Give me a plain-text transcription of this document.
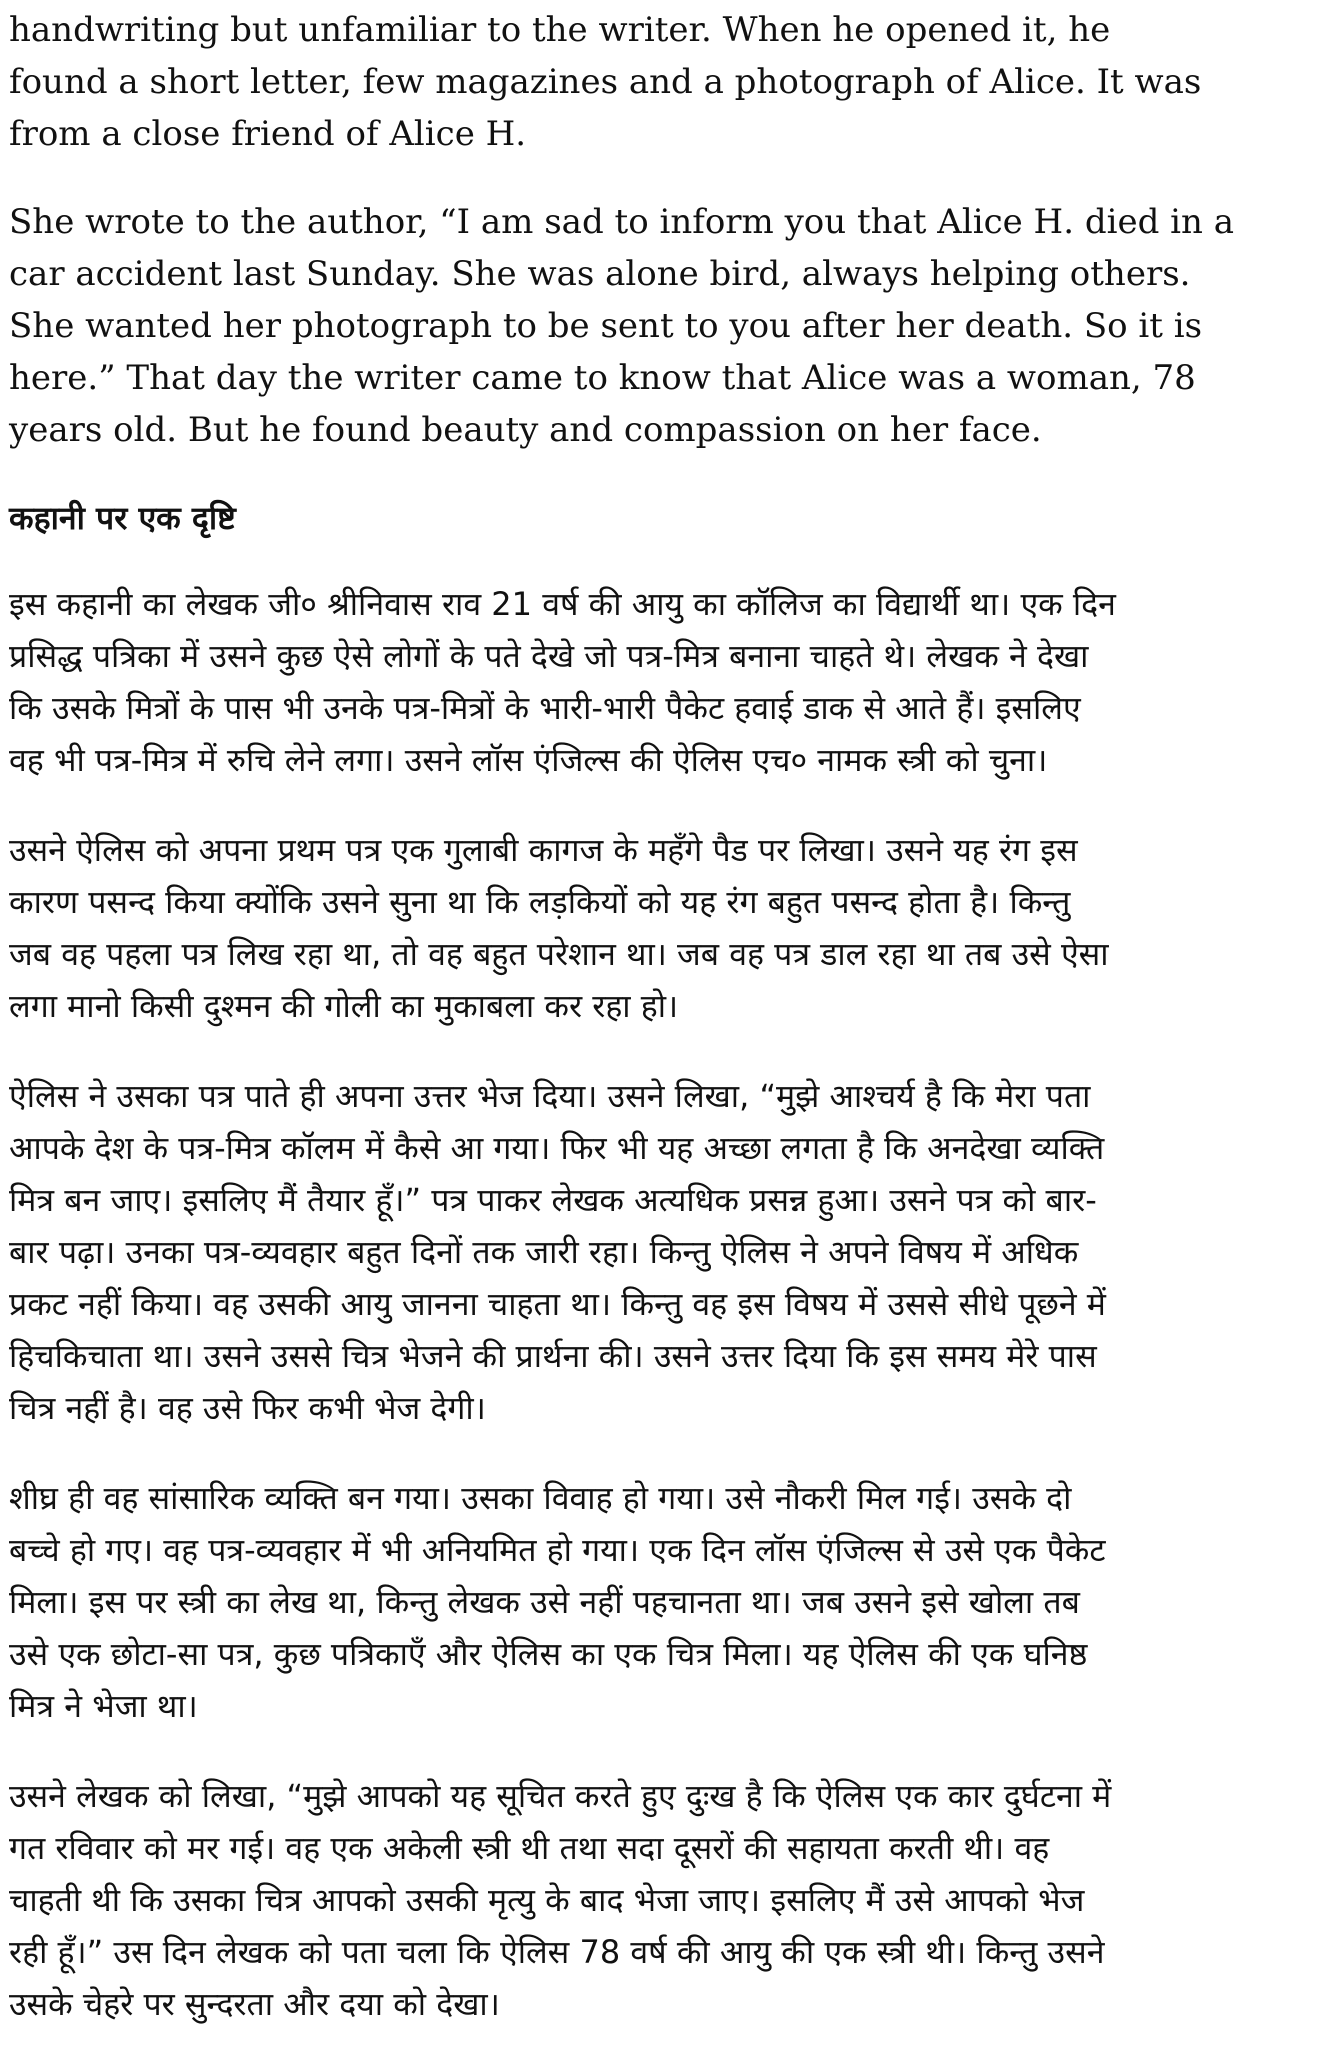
handwriting but unfamiliar to the writer. When he opened it, he
found a short letter, few magazines and a photograph of Alice. It was
from a close friend of Alice H.

She wrote to the author, “I am sad to inform you that Alice H. died in a
car accident last Sunday. She was alone bird, always helping others.
She wanted her photograph to be sent to you after her death. So it is
here.” That day the writer came to know that Alice was a woman, 78
years old. But he found beauty and compassion on her face.

कहानी पर एक दृष्टि

इस कहानी का लेखक जी० श्रीनिवास राव 21 वर्ष की आयु का कॉलिज का विद्यार्थी था। एक दिन
प्रसिद्ध पत्रिका में उसने कुछ ऐसे लोगों के पते देखे जो पत्र-मित्र बनाना चाहते थे। लेखक ने देखा
कि उसके मित्रों के पास भी उनके पत्र-मित्रों के भारी-भारी पैकेट हवाई डाक से आते हैं। इसलिए
वह भी पत्र-मित्र में रुचि लेने लगा। उसने लॉस एंजिल्स की ऐलिस एच० नामक स्त्री को चुना।

उसने ऐलिस को अपना प्रथम पत्र एक गुलाबी कागज के महँगे पैड पर लिखा। उसने यह रंग इस
कारण पसन्द किया क्योंकि उसने सुना था कि लड़कियों को यह रंग बहुत पसन्द होता है। किन्तु
जब वह पहला पत्र लिख रहा था, तो वह बहुत परेशान था। जब वह पत्र डाल रहा था तब उसे ऐसा
लगा मानो किसी दुश्मन की गोली का मुकाबला कर रहा हो।

ऐलिस ने उसका पत्र पाते ही अपना उत्तर भेज दिया। उसने लिखा, “मुझे आश्चर्य है कि मेरा पता
आपके देश के पत्र-मित्र कॉलम में कैसे आ गया। फिर भी यह अच्छा लगता है कि अनदेखा व्यक्ति
मित्र बन जाए। इसलिए मैं तैयार हूँ।” पत्र पाकर लेखक अत्यधिक प्रसन्न हुआ। उसने पत्र को बार-
बार पढ़ा। उनका पत्र-व्यवहार बहुत दिनों तक जारी रहा। किन्तु ऐलिस ने अपने विषय में अधिक
प्रकट नहीं किया। वह उसकी आयु जानना चाहता था। किन्तु वह इस विषय में उससे सीधे पूछने में
हिचकिचाता था। उसने उससे चित्र भेजने की प्रार्थना की। उसने उत्तर दिया कि इस समय मेरे पास
चित्र नहीं है। वह उसे फिर कभी भेज देगी।

शीघ्र ही वह सांसारिक व्यक्ति बन गया। उसका विवाह हो गया। उसे नौकरी मिल गई। उसके दो
बच्चे हो गए। वह पत्र-व्यवहार में भी अनियमित हो गया। एक दिन लॉस एंजिल्स से उसे एक पैकेट
मिला। इस पर स्त्री का लेख था, किन्तु लेखक उसे नहीं पहचानता था। जब उसने इसे खोला तब
उसे एक छोटा-सा पत्र, कुछ पत्रिकाएँ और ऐलिस का एक चित्र मिला। यह ऐलिस की एक घनिष्ठ
मित्र ने भेजा था।

उसने लेखक को लिखा, “मुझे आपको यह सूचित करते हुए दुःख है कि ऐलिस एक कार दुर्घटना में
गत रविवार को मर गई। वह एक अकेली स्त्री थी तथा सदा दूसरों की सहायता करती थी। वह
चाहती थी कि उसका चित्र आपको उसकी मृत्यु के बाद भेजा जाए। इसलिए मैं उसे आपको भेज
रही हूँ।” उस दिन लेखक को पता चला कि ऐलिस 78 वर्ष की आयु की एक स्त्री थी। किन्तु उसने
उसके चेहरे पर सुन्दरता और दया को देखा।
